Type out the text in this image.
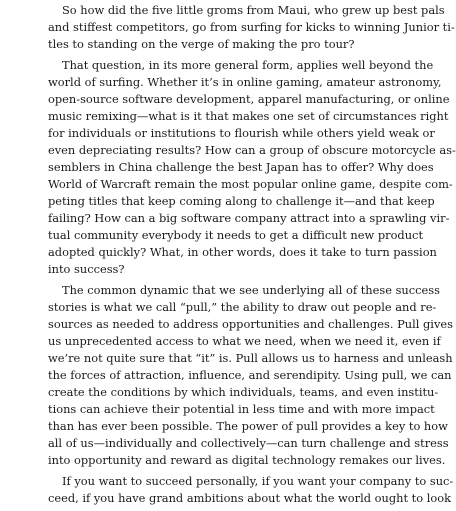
So how did the five little groms from Maui, who grew up best pals
and stiffest competitors, go from surfing for kicks to winning Junior ti-
tles to standing on the verge of making the pro tour?

That question, in its more general form, applies well beyond the
world of surfing. Whether it’s in online gaming, amateur astronomy,
open-source software development, apparel manufacturing, or online
music remixing—what is it that makes one set of circumstances right
for individuals or institutions to flourish while others yield weak or
even depreciating results? How can a group of obscure motorcycle as-
semblers in China challenge the best Japan has to offer? Why does
World of Warcraft remain the most popular online game, despite com-
peting titles that keep coming along to challenge it—and that keep
failing? How can a big software company attract into a sprawling vir-
tual community everybody it needs to get a difficult new product
adopted quickly? What, in other words, does it take to turn passion
into success?

The common dynamic that we see underlying all of these success
stories is what we call “pull,” the ability to draw out people and re-
sources as needed to address opportunities and challenges. Pull gives
us unprecedented access to what we need, when we need it, even if
we’re not quite sure that “it” is. Pull allows us to harness and unleash
the forces of attraction, influence, and serendipity. Using pull, we can
create the conditions by which individuals, teams, and even institu-
tions can achieve their potential in less time and with more impact
than has ever been possible. The power of pull provides a key to how
all of us—individually and collectively—can turn challenge and stress
into opportunity and reward as digital technology remakes our lives.

If you want to succeed personally, if you want your company to suc-
ceed, if you have grand ambitions about what the world ought to look
